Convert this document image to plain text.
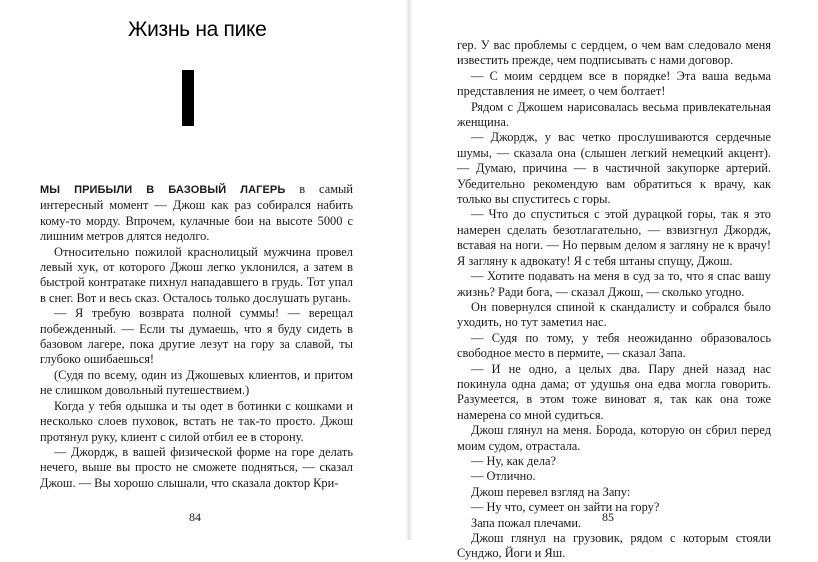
Жизнь на пике

МЫ ПРИБЫЛИ В БАЗОВЫЙ ЛАГЕРЬ в самый интересный момент — Джош как раз собирался набить кому-то морду. Впрочем, кулачные бои на высоте 5000 с лишним метров длятся недолго.

Относительно пожилой краснолицый мужчина провел левый хук, от которого Джош легко уклонился, а затем в быстрой контратаке пихнул нападавшего в грудь. Тот упал в снег. Вот и весь сказ. Осталось только дослушать ругань.

— Я требую возврата полной суммы! — верещал побежденный. — Если ты думаешь, что я буду сидеть в базовом лагере, пока другие лезут на гору за славой, ты глубоко ошибаешься!

(Судя по всему, один из Джошевых клиентов, и притом не слишком довольный путешествием.)

Когда у тебя одышка и ты одет в ботинки с кошками и несколько слоев пуховок, встать не так-то просто. Джош протянул руку, клиент с силой отбил ее в сторону.

— Джордж, в вашей физической форме на горе делать нечего, выше вы просто не сможете подняться, — сказал Джош. — Вы хорошо слышали, что сказала доктор Кри-

84

гер. У вас проблемы с сердцем, о чем вам следовало меня известить прежде, чем подписывать с нами договор.

— С моим сердцем все в порядке! Эта ваша ведьма представления не имеет, о чем болтает!

Рядом с Джошем нарисовалась весьма привлекательная женщина.

— Джордж, у вас четко прослушиваются сердечные шумы, — сказала она (слышен легкий немецкий акцент). — Думаю, причина — в частичной закупорке артерий. Убедительно рекомендую вам обратиться к врачу, как только вы спуститесь с горы.

— Что до спуститься с этой дурацкой горы, так я это намерен сделать безотлагательно, — взвизгнул Джордж, вставая на ноги. — Но первым делом я загляну не к врачу! Я загляну к адвокату! Я с тебя штаны спущу, Джош.

— Хотите подавать на меня в суд за то, что я спас вашу жизнь? Ради бога, — сказал Джош, — сколько угодно.

Он повернулся спиной к скандалисту и собрался было уходить, но тут заметил нас.

— Судя по тому, у тебя неожиданно образовалось свободное место в пермите, — сказал Запа.

— И не одно, а целых два. Пару дней назад нас покинула одна дама; от удушья она едва могла говорить. Разумеется, в этом тоже виноват я, так как она тоже намерена со мной судиться.

Джош глянул на меня. Борода, которую он сбрил перед моим судом, отрастала.

— Ну, как дела?

— Отлично.

Джош перевел взгляд на Запу:

— Ну что, сумеет он зайти на гору?

Запа пожал плечами.

Джош глянул на грузовик, рядом с которым стояли Сунджо, Йоги и Яш.

85
